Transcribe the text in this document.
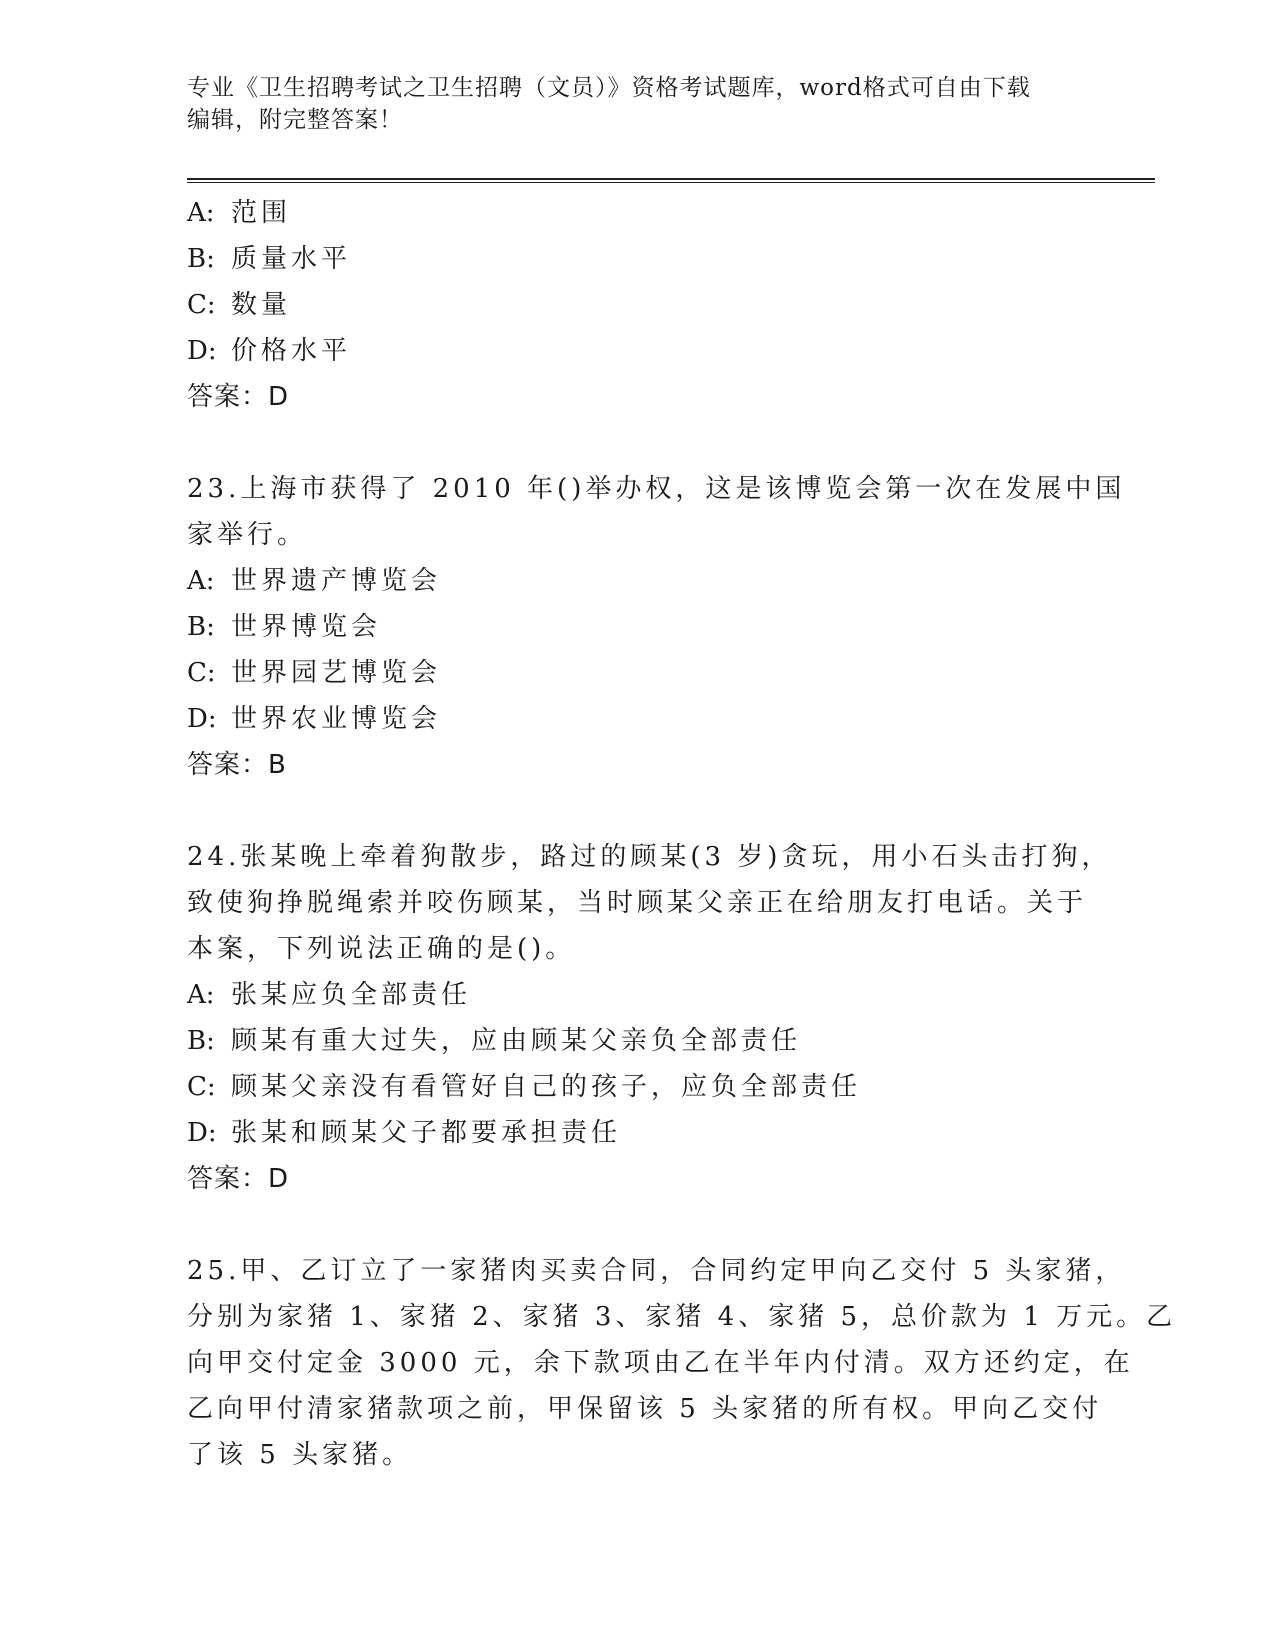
专业《卫生招聘考试之卫生招聘（文员）》资格考试题库，word格式可自由下载
编辑，附完整答案！
A: 范围
B: 质量水平
C: 数量
D: 价格水平
答案：D
23.上海市获得了 2010 年()举办权，这是该博览会第一次在发展中国
家举行。
A: 世界遗产博览会
B: 世界博览会
C: 世界园艺博览会
D: 世界农业博览会
答案：B
24.张某晚上牵着狗散步，路过的顾某(3 岁)贪玩，用小石头击打狗，
致使狗挣脱绳索并咬伤顾某，当时顾某父亲正在给朋友打电话。关于
本案，下列说法正确的是()。
A: 张某应负全部责任
B: 顾某有重大过失，应由顾某父亲负全部责任
C: 顾某父亲没有看管好自己的孩子，应负全部责任
D: 张某和顾某父子都要承担责任
答案：D
25.甲、乙订立了一家猪肉买卖合同，合同约定甲向乙交付 5 头家猪，
分别为家猪 1、家猪 2、家猪 3、家猪 4、家猪 5，总价款为 1 万元。乙
向甲交付定金 3000 元，余下款项由乙在半年内付清。双方还约定，在
乙向甲付清家猪款项之前，甲保留该 5 头家猪的所有权。甲向乙交付
了该 5 头家猪。
